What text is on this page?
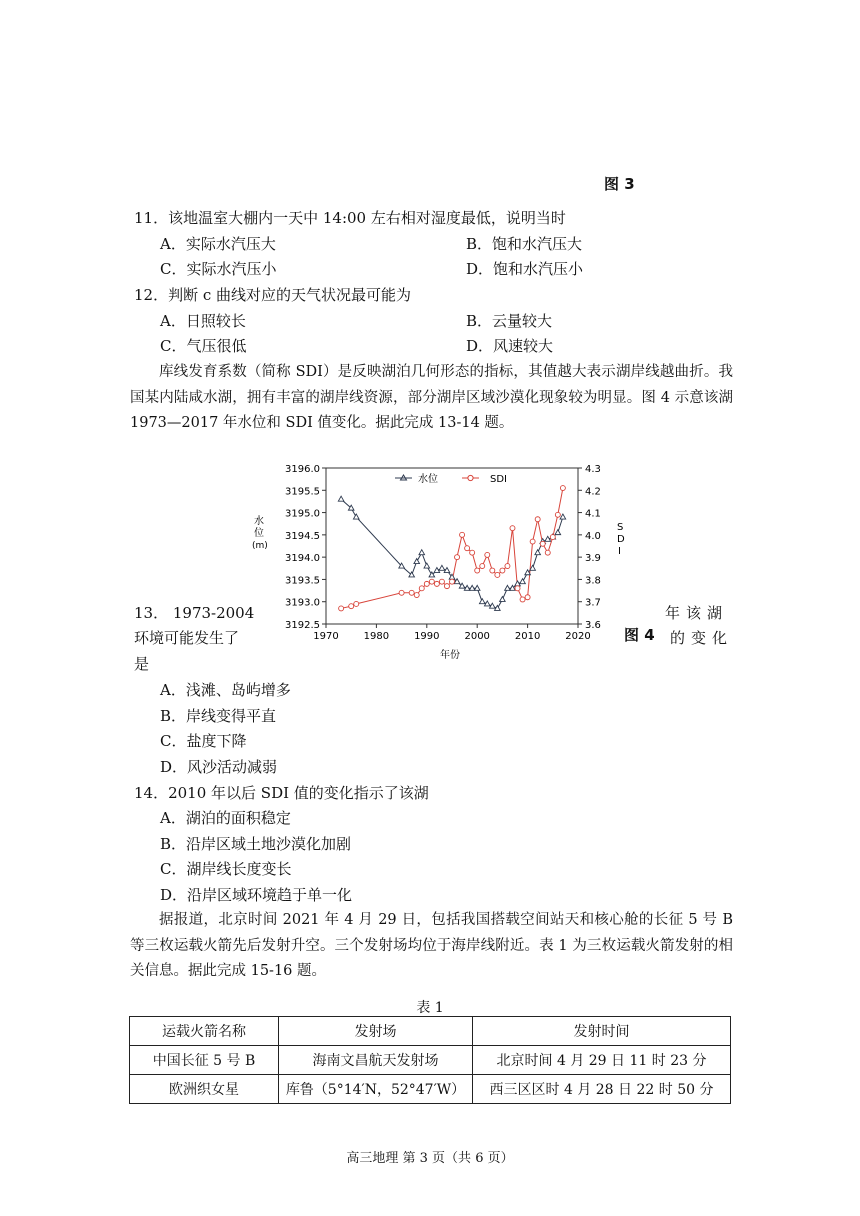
图 3
11．该地温室大棚内一天中 14:00 左右相对湿度最低，说明当时
A．实际水汽压大	B．饱和水汽压大
C．实际水汽压小	D．饱和水汽压小
12．判断 c 曲线对应的天气状况最可能为
A．日照较长	B．云量较大
C．气压很低	D．风速较大
库线发育系数（简称 SDI）是反映湖泊几何形态的指标，其值越大表示湖岸线越曲折。我国某内陆咸水湖，拥有丰富的湖岸线资源，部分湖岸区域沙漠化现象较为明显。图 4 示意该湖 1973—2017 年水位和 SDI 值变化。据此完成 13-14 题。
3192.5
3193.0
3193.5
3194.0
3194.5
3195.0
3195.5
3196.0
3.6
3.7
3.8
3.9
4.0
4.1
4.2
4.3
1970 1980 1990 2000 2010 2020
水位	SDI
水
位
(m)
S
D
I
年份
13． 1973-2004	年该湖
环境可能发生了	图 4 的变化
是
A．浅滩、岛屿增多
B．岸线变得平直
C．盐度下降
D．风沙活动减弱
14．2010 年以后 SDI 值的变化指示了该湖
A．湖泊的面积稳定
B．沿岸区域土地沙漠化加剧
C．湖岸线长度变长
D．沿岸区域环境趋于单一化
据报道，北京时间 2021 年 4 月 29 日，包括我国搭载空间站天和核心舱的长征 5 号 B 等三枚运载火箭先后发射升空。三个发射场均位于海岸线附近。表 1 为三枚运载火箭发射的相关信息。据此完成 15-16 题。
表 1
运载火箭名称	发射场	发射时间
中国长征 5 号 B	海南文昌航天发射场	北京时间 4 月 29 日 11 时 23 分
欧洲织女星	库鲁（5°14′N，52°47′W）	西三区区时 4 月 28 日 22 时 50 分
高三地理 第 3 页（共 6 页）
